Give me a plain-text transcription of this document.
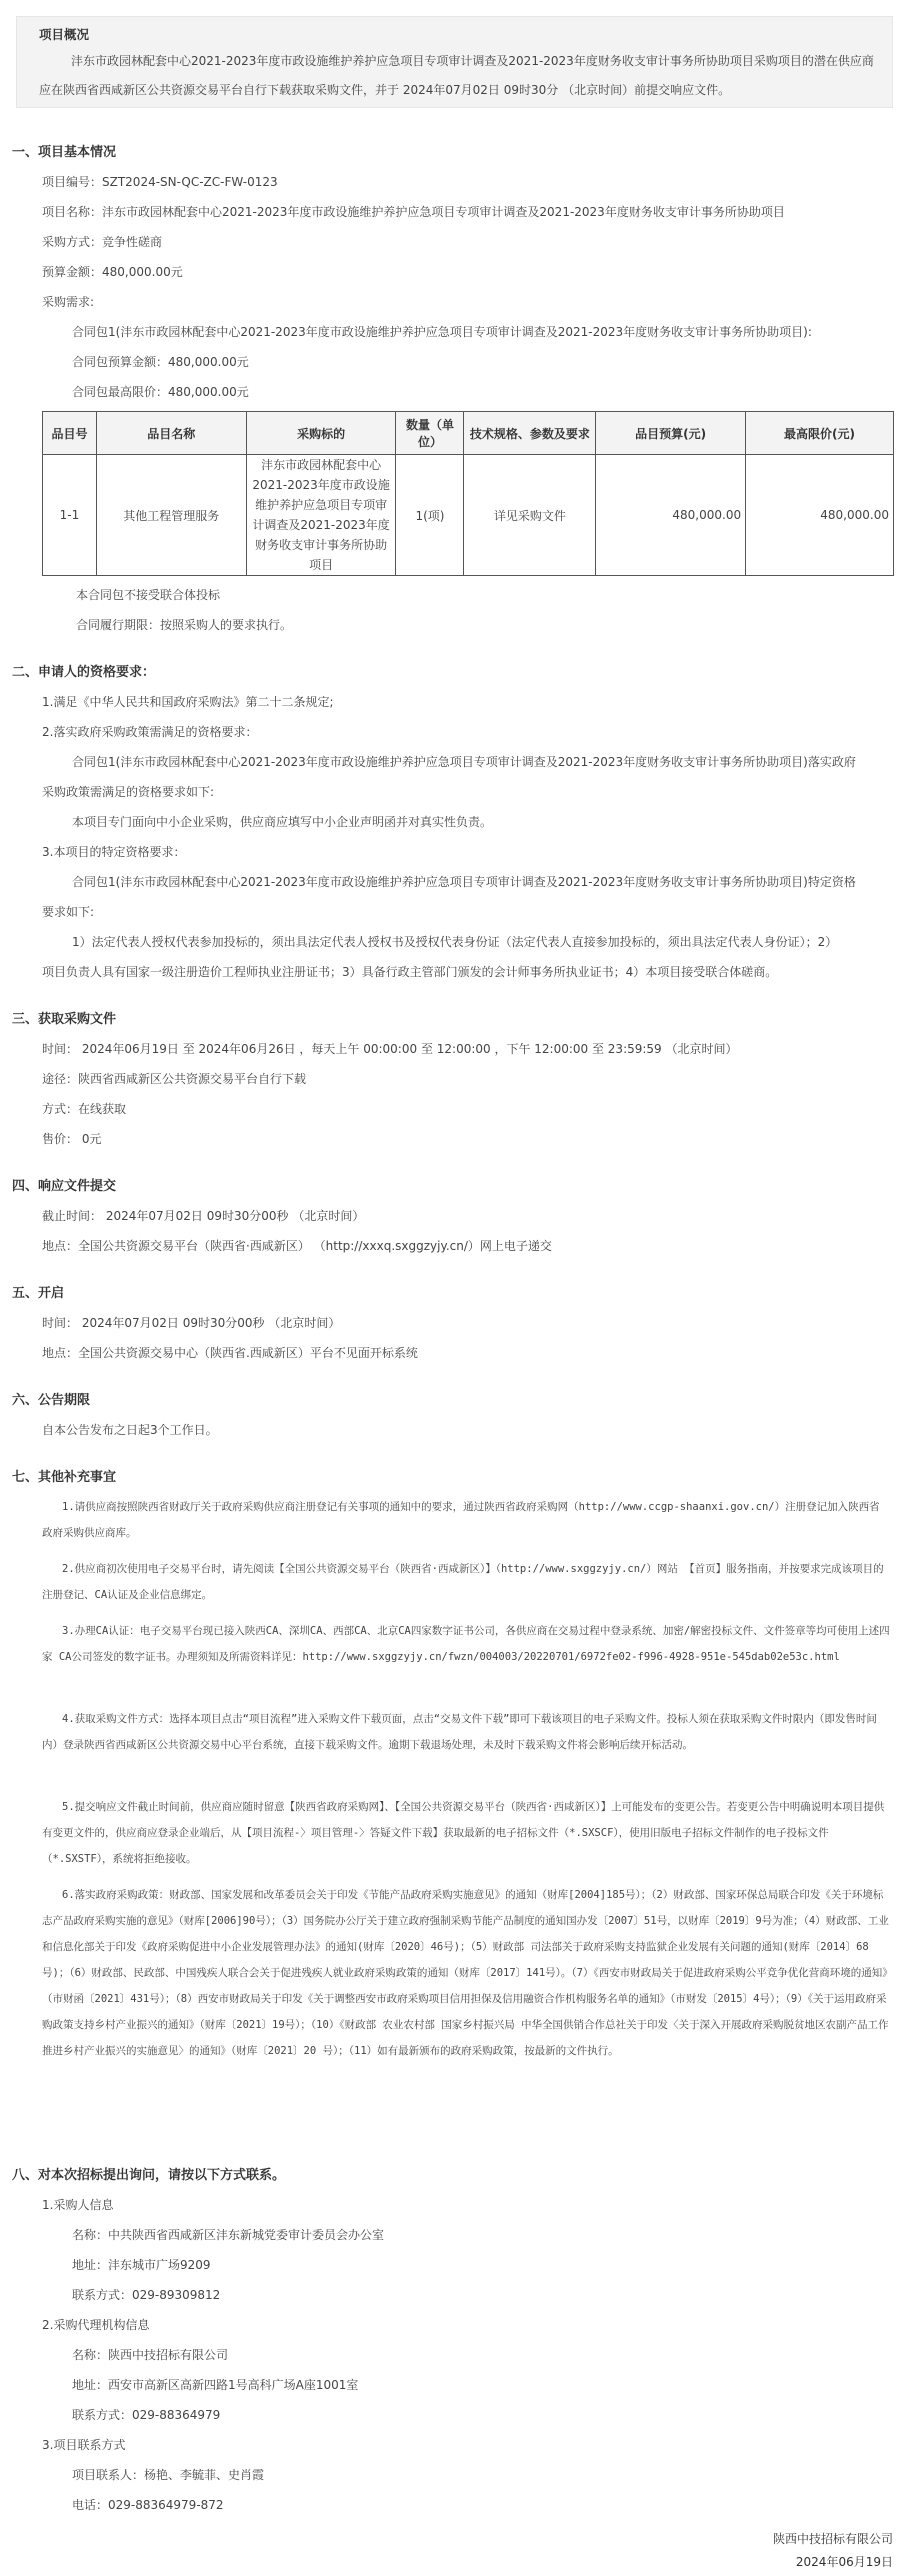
项目概况
沣东市政园林配套中心2021-2023年度市政设施维护养护应急项目专项审计调查及2021-2023年度财务收支审计事务所协助项目采购项目的潜在供应商应在陕西省西咸新区公共资源交易平台自行下载获取采购文件，并于 2024年07月02日 09时30分 （北京时间）前提交响应文件。
一、项目基本情况
项目编号：SZT2024-SN-QC-ZC-FW-0123
项目名称：沣东市政园林配套中心2021-2023年度市政设施维护养护应急项目专项审计调查及2021-2023年度财务收支审计事务所协助项目
采购方式：竞争性磋商
预算金额：480,000.00元
采购需求:
合同包1(沣东市政园林配套中心2021-2023年度市政设施维护养护应急项目专项审计调查及2021-2023年度财务收支审计事务所协助项目):
合同包预算金额：480,000.00元
合同包最高限价：480,000.00元
品目号	品目名称	采购标的	数量（单位）	技术规格、参数及要求	品目预算(元)	最高限价(元)
1-1	其他工程管理服务	沣东市政园林配套中心2021-2023年度市政设施维护养护应急项目专项审计调查及2021-2023年度财务收支审计事务所协助项目	1(项)	详见采购文件	480,000.00	480,000.00
本合同包不接受联合体投标
合同履行期限：按照采购人的要求执行。
二、申请人的资格要求：
1.满足《中华人民共和国政府采购法》第二十二条规定;
2.落实政府采购政策需满足的资格要求：
合同包1(沣东市政园林配套中心2021-2023年度市政设施维护养护应急项目专项审计调查及2021-2023年度财务收支审计事务所协助项目)落实政府
采购政策需满足的资格要求如下:
本项目专门面向中小企业采购，供应商应填写中小企业声明函并对真实性负责。
3.本项目的特定资格要求：
合同包1(沣东市政园林配套中心2021-2023年度市政设施维护养护应急项目专项审计调查及2021-2023年度财务收支审计事务所协助项目)特定资格
要求如下:
1）法定代表人授权代表参加投标的，须出具法定代表人授权书及授权代表身份证（法定代表人直接参加投标的，须出具法定代表人身份证）；2）
项目负责人具有国家一级注册造价工程师执业注册证书；3）具备行政主管部门颁发的会计师事务所执业证书；4）本项目接受联合体磋商。
三、获取采购文件
时间： 2024年06月19日 至 2024年06月26日 ，每天上午 00:00:00 至 12:00:00 ，下午 12:00:00 至 23:59:59 （北京时间）
途径：陕西省西咸新区公共资源交易平台自行下载
方式：在线获取
售价： 0元
四、响应文件提交
截止时间： 2024年07月02日 09时30分00秒 （北京时间）
地点：全国公共资源交易平台（陕西省·西咸新区） （http://xxxq.sxggzyjy.cn/）网上电子递交
五、开启
时间： 2024年07月02日 09时30分00秒 （北京时间）
地点：全国公共资源交易中心（陕西省.西咸新区）平台不见面开标系统
六、公告期限
自本公告发布之日起3个工作日。
七、其他补充事宜
1.请供应商按照陕西省财政厅关于政府采购供应商注册登记有关事项的通知中的要求，通过陕西省政府采购网（http://www.ccgp-shaanxi.gov.cn/）注册登记加入陕西省政府采购供应商库。
2.供应商初次使用电子交易平台时，请先阅读【全国公共资源交易平台（陕西省·西咸新区）】（http://www.sxggzyjy.cn/）网站 【首页】服务指南，并按要求完成该项目的注册登记、CA认证及企业信息绑定。
3.办理CA认证：电子交易平台现已接入陕西CA、深圳CA、西部CA、北京CA四家数字证书公司，各供应商在交易过程中登录系统、加密/解密投标文件、文件签章等均可使用上述四家 CA公司签发的数字证书。办理须知及所需资料详见：http://www.sxggzyjy.cn/fwzn/004003/20220701/6972fe02-f996-4928-951e-545dab02e53c.html
4.获取采购文件方式：选择本项目点击“项目流程”进入采购文件下载页面，点击“交易文件下载”即可下载该项目的电子采购文件。投标人须在获取采购文件时限内（即发售时间内）登录陕西省西咸新区公共资源交易中心平台系统，直接下载采购文件。逾期下载退场处理，未及时下载采购文件将会影响后续开标活动。
5.提交响应文件截止时间前，供应商应随时留意【陕西省政府采购网】、【全国公共资源交易平台（陕西省·西咸新区）】上可能发布的变更公告。若变更公告中明确说明本项目提供有变更文件的，供应商应登录企业端后，从【项目流程-〉项目管理-〉答疑文件下载】获取最新的电子招标文件（*.SXSCF），使用旧版电子招标文件制作的电子投标文件（*.SXSTF），系统将拒绝接收。
6.落实政府采购政策：财政部、国家发展和改革委员会关于印发《节能产品政府采购实施意见》的通知（财库[2004]185号）；（2）财政部、国家环保总局联合印发《关于环境标志产品政府采购实施的意见》（财库[2006]90号）；（3）国务院办公厅关于建立政府强制采购节能产品制度的通知国办发〔2007〕51号，以财库〔2019〕9号为准；（4）财政部、工业和信息化部关于印发《政府采购促进中小企业发展管理办法》的通知(财库〔2020〕46号)；（5）财政部 司法部关于政府采购支持监狱企业发展有关问题的通知(财库〔2014〕68号)；（6）财政部、民政部、中国残疾人联合会关于促进残疾人就业政府采购政策的通知（财库〔2017〕141号）。（7）《西安市财政局关于促进政府采购公平竞争优化营商环境的通知》（市财函〔2021〕431号）；（8）西安市财政局关于印发《关于调整西安市政府采购项目信用担保及信用融资合作机构服务名单的通知》（市财发〔2015〕4号）；（9）《关于运用政府采购政策支持乡村产业振兴的通知》（财库〔2021〕19号）；（10）《财政部 农业农村部 国家乡村振兴局 中华全国供销合作总社关于印发〈关于深入开展政府采购脱贫地区农副产品工作推进乡村产业振兴的实施意见〉的通知》（财库〔2021〕20 号）；（11）如有最新颁布的政府采购政策，按最新的文件执行。
八、对本次招标提出询问，请按以下方式联系。
1.采购人信息
名称：中共陕西省西咸新区沣东新城党委审计委员会办公室
地址：沣东城市广场9209
联系方式：029-89309812
2.采购代理机构信息
名称：陕西中技招标有限公司
地址：西安市高新区高新四路1号高科广场A座1001室
联系方式：029-88364979
3.项目联系方式
项目联系人：杨艳、李毓菲、史肖霞
电话：029-88364979-872
陕西中技招标有限公司
2024年06月19日
